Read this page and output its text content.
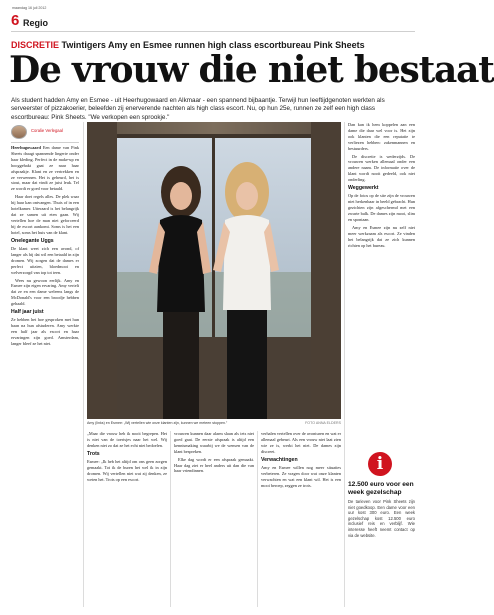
maandag 16 juli 2012
6 Regio
DISCRETIE Twintigers Amy en Esmee runnen high class escortbureau Pink Sheets
De vrouw die niet bestaat
Als student hadden Amy en Esmee - uit Heerhugowaard en Alkmaar - een spannend bijbaantje. Terwijl hun leeftijdgenoten werkten als serveerster of pizzakoerier, beleefden zij enerverende nachten als high class escort. Nu, op hun 25e, runnen ze zelf een high class escortbureau: Pink Sheets. "We verkopen een sprookje."
Coralie Verlegaal

Heerhugowaard Een dame van Pink Sheets draagt spannende lingerie onder haar kleding. Perfect in de make-up en hooggehakt gaat ze naar haar afspraakje. Klant en ze vertrekken en ze verwennen. Het is gebeurd, het is stout, maar dat vindt ze juist leuk. Tel ze wordt er goed voor betaald.

Haar doet regels alles. De plek waar hij haar kan ontvangen. Thuis of in een hotelkamer. Uiteraard is het belangrijk dat ze samen uit eten gaan. Wij vertellen hoe de man niet geforceerd bij de escort aankomt. Soms is het een hotel, soms het huis van de klant.

Onelegante Uggs

De klant weet zich een avond, of langer als hij dat wil een betaald in zijn dromen. Wij zorgen dat de dames er perfect uitzien, bloedmooi en welverzorgd van top tot teen.

Wees nu gewoon eerlijk. Amy en Esmee zijn eigen ervaring. Amy vertelt dat ze en een dame weleens langs de McDonald's voor een broodje hebben gehaald.

Half jaar juist

Ze hebben het hoe gesproken met hun baan na hun afstuderen. Amy werkte een half jaar als escort en haar ervaringen zijn goed. Amsterdam, langer bleef ze het niet.

Amy (links) en Esmee: „Wij vertellen wie onze klanten zijn, kunnen we meteen stoppen.”	FOTO ANNA ELDERS

„Maar die vrouw heb ik nooit begrepen. Het is niet van de toerisjes naar het wel. Wij denken niet zo dat ze het echt niet bedoelen.

Trots

Esmee: „Ik heb het altijd om ons geen zorgen gemaakt. Tot ik de buren het wel ik in zijn dromen. Wij vertellen niet wat zij denken, ze weten het. Trots op een escort.

vrouwen kunnen daar alarm slaan als iets niet goed gaat. De eerste afspraak is altijd een kennismaking waarbij we de wensen van de klant bespreken.

Elke dag wordt er een afspraak gemaakt. Haar dag ziet er heel anders uit dan die van haar vriendinnen.

verhalen vertellen over de avonturen en wat er allemaal gebeurt. Als een vrouw niet laat zien wie ze is, werkt het niet. De dames zijn discreet.

Verwachtingen

Amy en Esmee willen nog meer situaties verbeteren. Ze vragen door wat onze klanten verwachten en wat een klant wil. Het is een mooi beroep, zeggen ze trots.

Dan kan ik hem koppelen aan een dame die daar wel voor is. Het zijn ook klanten die een reputatie te verliezen hebben: zakenmannen en bestuurders.

De discretie is wederzijds. De vrouwen werken allemaal onder een andere naam. De informatie over de klant wordt nooit gedeeld, ook niet onderling.

Weggewerkt

Op de fotos op de site zijn de vrouwen niet herkenbaar in beeld gebracht. Hun gezichten zijn afgeschermd met een zwarte balk. De dames zijn mooi, slim en spontaan.

Amy en Esmee zijn nu zelf niet meer werkzaam als escort. Ze vinden het belangrijk dat ze zich kunnen richten op het bureau.

i
12.500 euro voor een week gezelschap
De tarieven voor Pink Sheets zijn niet goedkoop. Een dame voor een uur kost 300 euro. Een week gezelschap kost 12.500 euro inclusief reis en verblijf. Wie interesse heeft neemt contact op via de website.
